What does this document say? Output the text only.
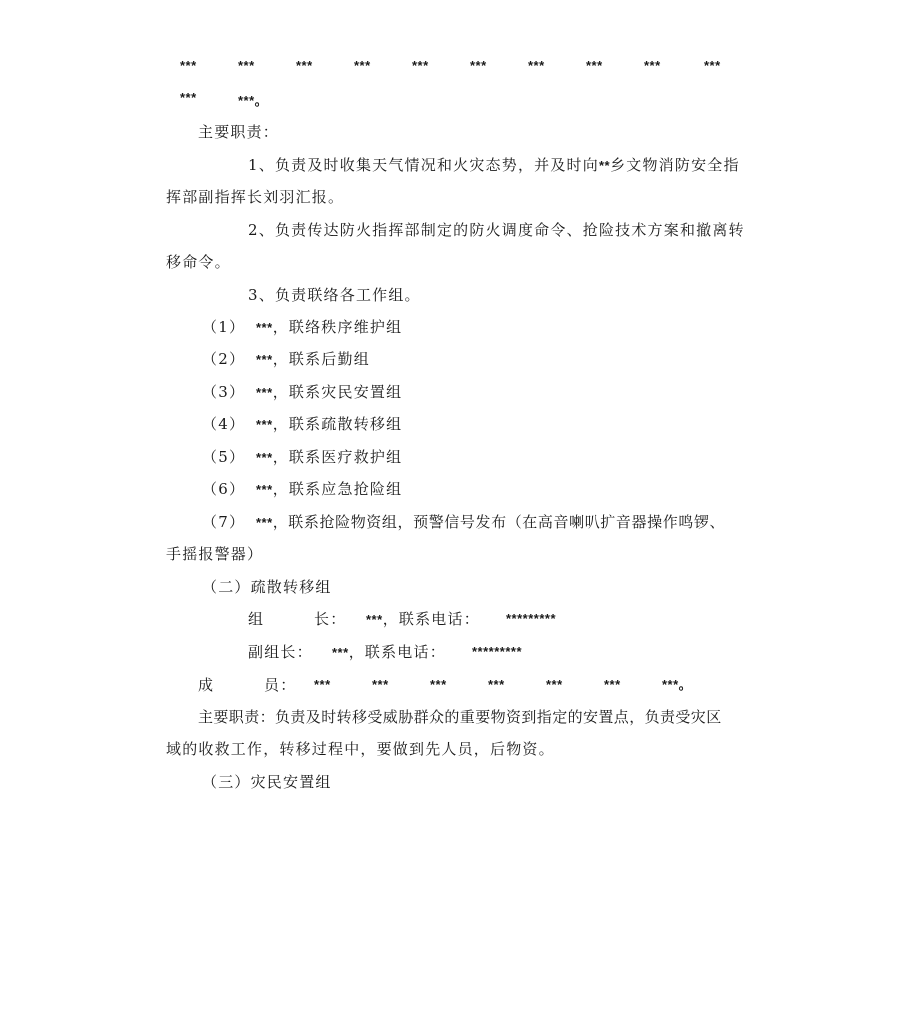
***	***	***	***	***	***	***	***	***	***
***	***。
主要职责：
1、负责及时收集天气情况和火灾态势，并及时向**乡文物消防安全指
挥部副指挥长刘羽汇报。
2、负责传达防火指挥部制定的防火调度命令、抢险技术方案和撤离转
移命令。
3、负责联络各工作组。
（1） ***，联络秩序维护组
（2） ***，联系后勤组
（3） ***，联系灾民安置组
（4） ***，联系疏散转移组
（5） ***，联系医疗救护组
（6） ***，联系应急抢险组
（7） ***，联系抢险物资组，预警信号发布（在高音喇叭扩音器操作鸣锣、
手摇报警器）
（二）疏散转移组
组	长： ***，联系电话： *********
副组长： ***，联系电话： *********
成	员： ***	***	***	***	***	***	***。
主要职责：负责及时转移受威胁群众的重要物资到指定的安置点，负责受灾区
域的收救工作，转移过程中，要做到先人员，后物资。
（三）灾民安置组
